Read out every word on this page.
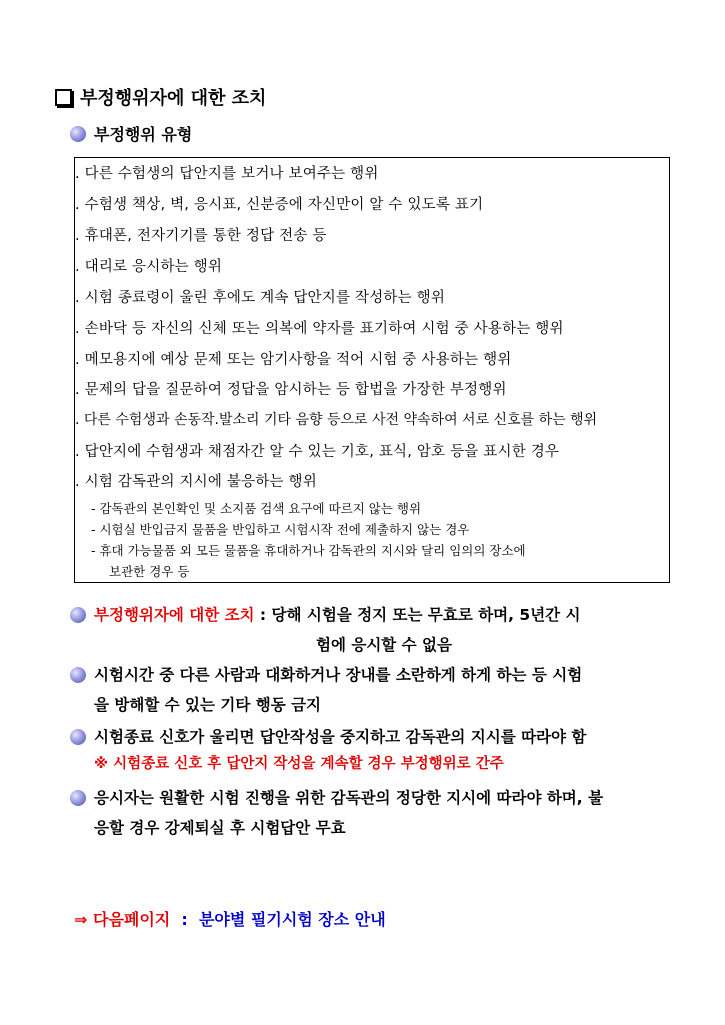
부정행위자에 대한 조치
부정행위 유형
. 다른 수험생의 답안지를 보거나 보여주는 행위
. 수험생 책상, 벽, 응시표, 신분증에 자신만이 알 수 있도록 표기
. 휴대폰, 전자기기를 통한 정답 전송 등
. 대리로 응시하는 행위
. 시험 종료령이 울린 후에도 계속 답안지를 작성하는 행위
. 손바닥 등 자신의 신체 또는 의복에 약자를 표기하여 시험 중 사용하는 행위
. 메모용지에 예상 문제 또는 암기사항을 적어 시험 중 사용하는 행위
. 문제의 답을 질문하여 정답을 암시하는 등 합법을 가장한 부정행위
. 다른 수험생과 손동작.발소리 기타 음향 등으로 사전 약속하여 서로 신호를 하는 행위
. 답안지에 수험생과 채점자간 알 수 있는 기호, 표식, 암호 등을 표시한 경우
. 시험 감독관의 지시에 불응하는 행위
- 감독관의 본인확인 및 소지품 검색 요구에 따르지 않는 행위
- 시험실 반입금지 물품을 반입하고 시험시작 전에 제출하지 않는 경우
- 휴대 가능물품 외 모든 물품을 휴대하거나 감독관의 지시와 달리 임의의 장소에
보관한 경우 등
부정행위자에 대한 조치 : 당해 시험을 정지 또는 무효로 하며, 5년간 시
험에 응시할 수 없음
시험시간 중 다른 사람과 대화하거나 장내를 소란하게 하게 하는 등 시험
을 방해할 수 있는 기타 행동 금지
시험종료 신호가 울리면 답안작성을 중지하고 감독관의 지시를 따라야 함
※ 시험종료 신호 후 답안지 작성을 계속할 경우 부정행위로 간주
응시자는 원활한 시험 진행을 위한 감독관의 정당한 지시에 따라야 하며, 불
응할 경우 강제퇴실 후 시험답안 무효
⇒ 다음페이지  :  분야별 필기시험 장소 안내
